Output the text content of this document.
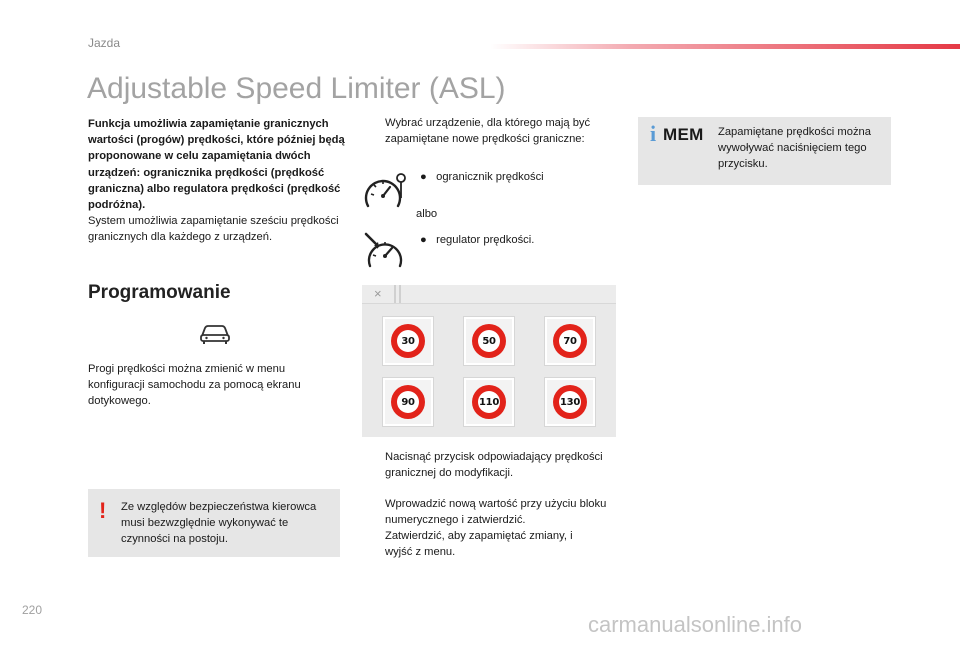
Jazda
Adjustable Speed Limiter (ASL)
Funkcja umożliwia zapamiętanie granicznych wartości (progów) prędkości, które później będą proponowane w celu zapamiętania dwóch urządzeń: ogranicznika prędkości (prędkość graniczna) albo regulatora prędkości (prędkość podróżna).
System umożliwia zapamiętanie sześciu prędkości granicznych dla każdego z urządzeń.
Programowanie
Progi prędkości można zmienić w menu konfiguracji samochodu za pomocą ekranu dotykowego.
! Ze względów bezpieczeństwa kierowca musi bezwzględnie wykonywać te czynności na postoju.
Wybrać urządzenie, dla którego mają być zapamiętane nowe prędkości graniczne:
● ogranicznik prędkości
albo
● regulator prędkości.
×
30	50	70
90	110	130
Nacisnąć przycisk odpowiadający prędkości granicznej do modyfikacji.
Wprowadzić nową wartość przy użyciu bloku numerycznego i zatwierdzić.
Zatwierdzić, aby zapamiętać zmiany, i wyjść z menu.
i MEM Zapamiętane prędkości można wywoływać naciśnięciem tego przycisku.
220
carmanualsonline.info
